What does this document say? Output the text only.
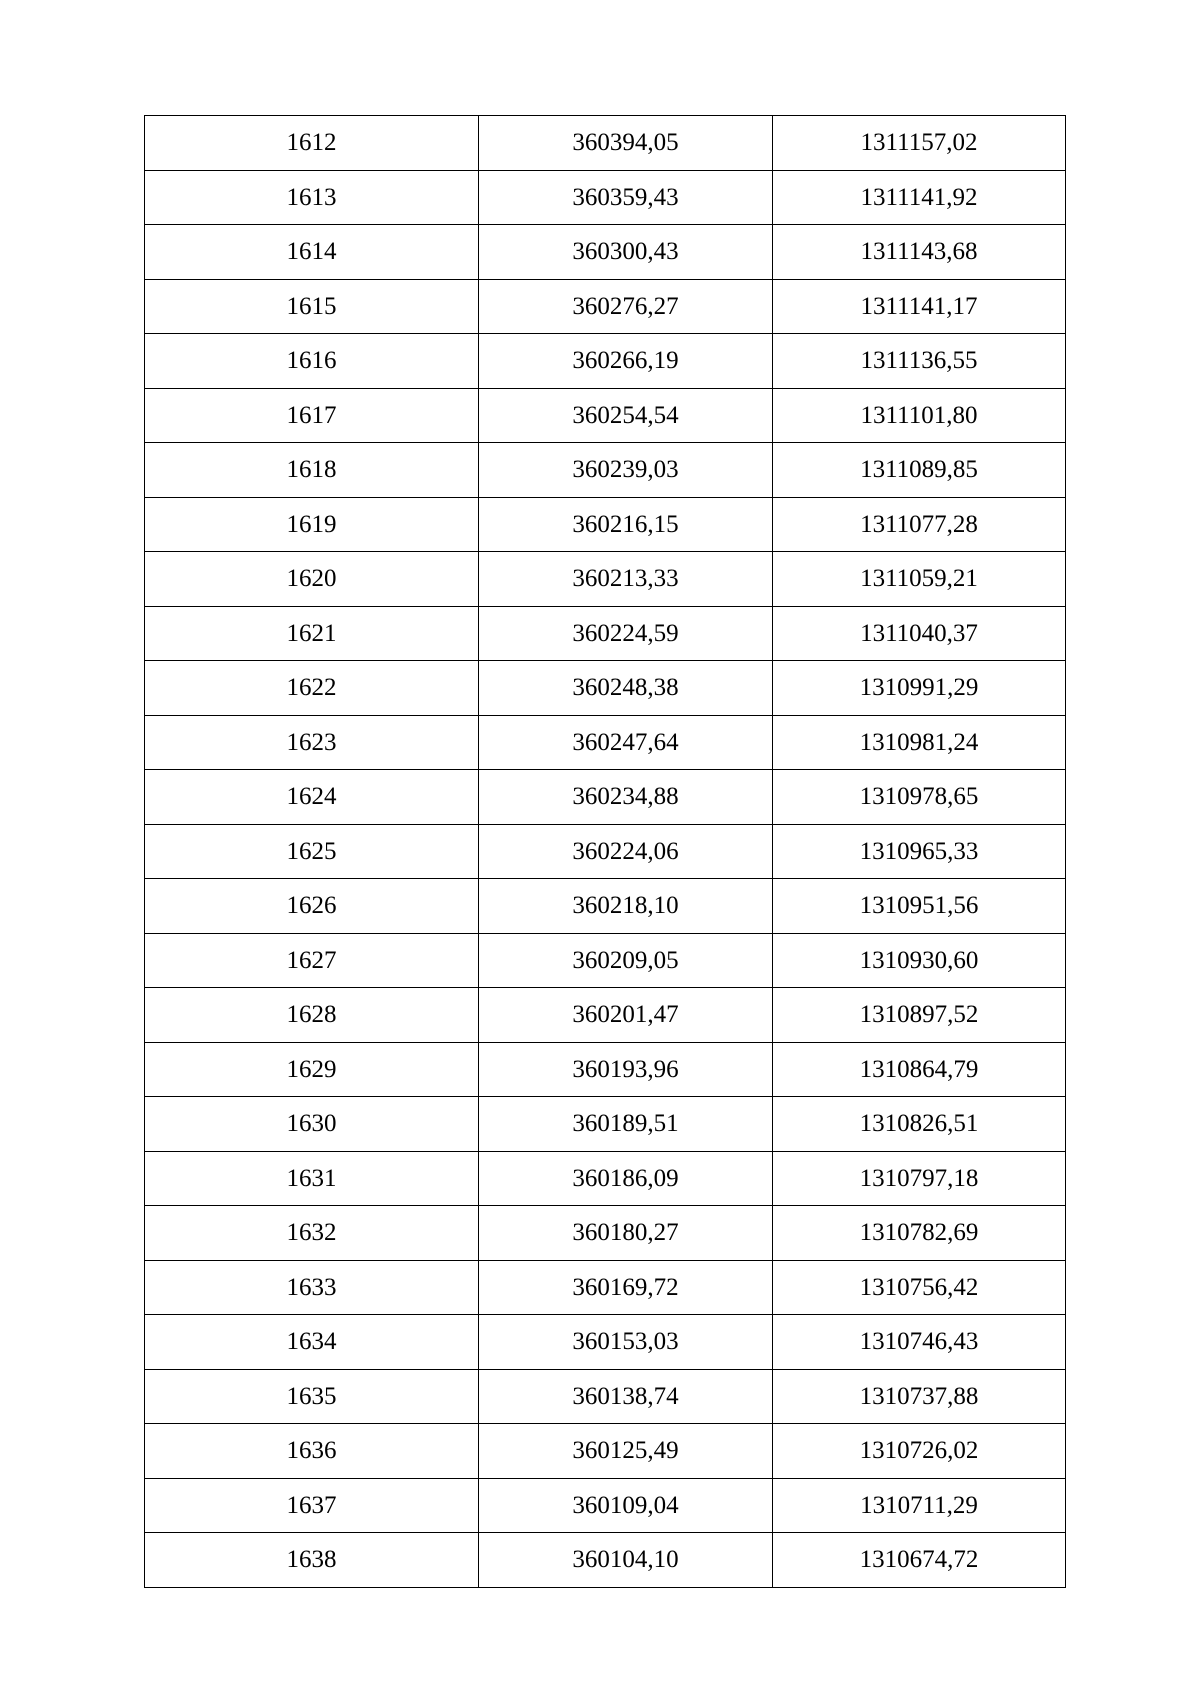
1612	360394,05	1311157,02
1613	360359,43	1311141,92
1614	360300,43	1311143,68
1615	360276,27	1311141,17
1616	360266,19	1311136,55
1617	360254,54	1311101,80
1618	360239,03	1311089,85
1619	360216,15	1311077,28
1620	360213,33	1311059,21
1621	360224,59	1311040,37
1622	360248,38	1310991,29
1623	360247,64	1310981,24
1624	360234,88	1310978,65
1625	360224,06	1310965,33
1626	360218,10	1310951,56
1627	360209,05	1310930,60
1628	360201,47	1310897,52
1629	360193,96	1310864,79
1630	360189,51	1310826,51
1631	360186,09	1310797,18
1632	360180,27	1310782,69
1633	360169,72	1310756,42
1634	360153,03	1310746,43
1635	360138,74	1310737,88
1636	360125,49	1310726,02
1637	360109,04	1310711,29
1638	360104,10	1310674,72
